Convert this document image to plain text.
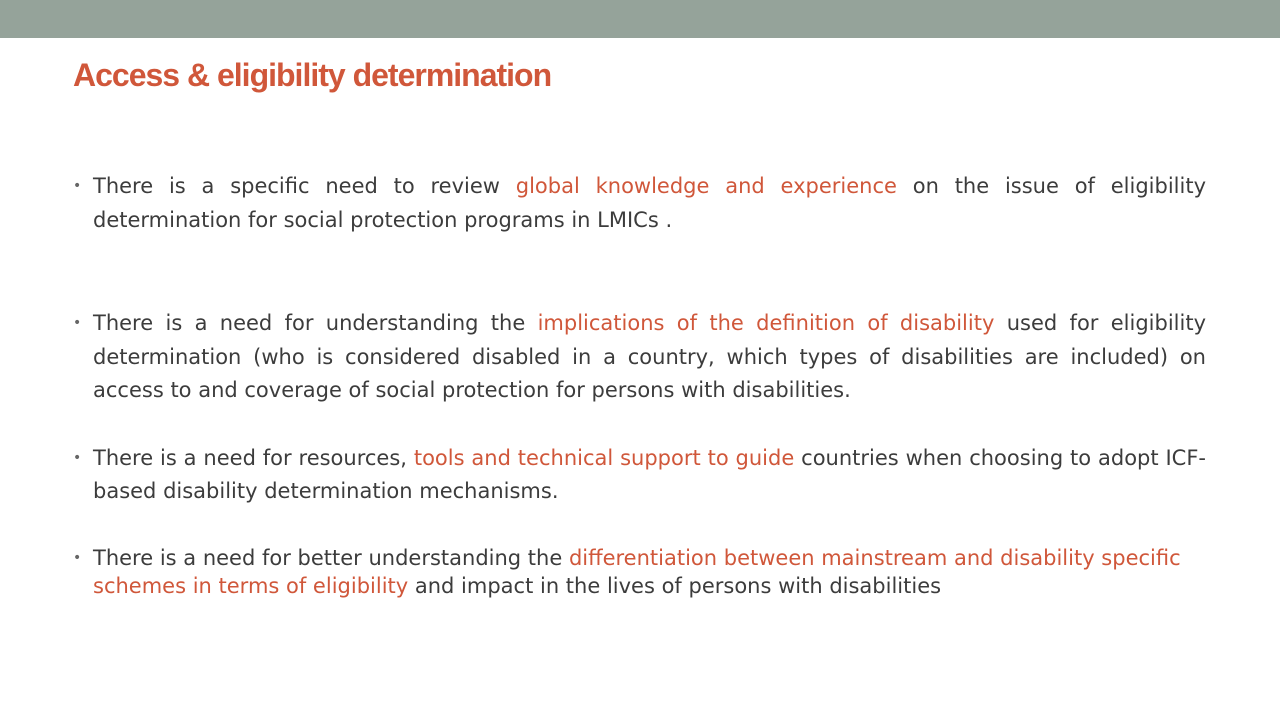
Access & eligibility determination
• There is a specific need to review global knowledge and experience on the issue of eligibility determination for social protection programs in LMICs .
• There is a need for understanding the implications of the definition of disability used for eligibility determination (who is considered disabled in a country, which types of disabilities are included) on access to and coverage of social protection for persons with disabilities.
• There is a need for resources, tools and technical support to guide countries when choosing to adopt ICF-based disability determination mechanisms.
• There is a need for better understanding the differentiation between mainstream and disability specific schemes in terms of eligibility and impact in the lives of persons with disabilities
